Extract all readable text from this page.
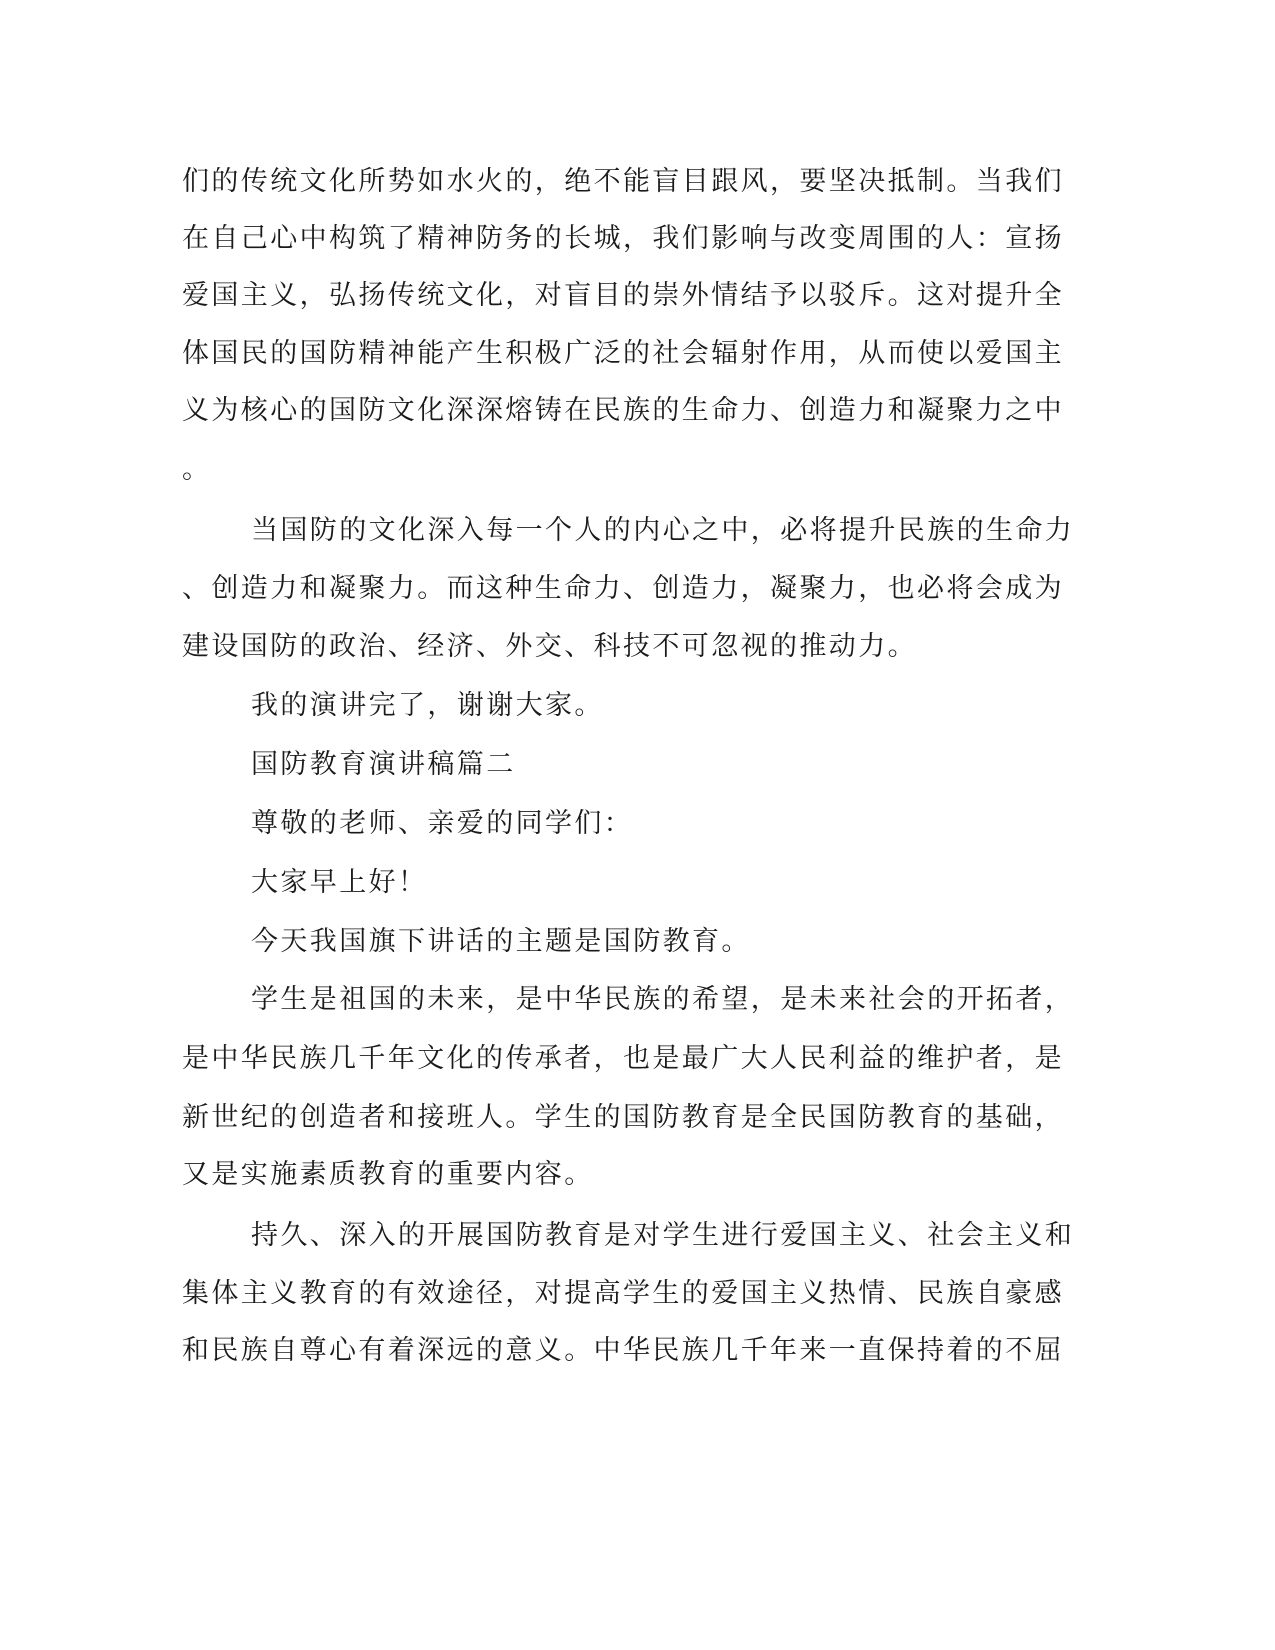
们的传统文化所势如水火的，绝不能盲目跟风，要坚决抵制。当我们
在自己心中构筑了精神防务的长城，我们影响与改变周围的人：宣扬
爱国主义，弘扬传统文化，对盲目的崇外情结予以驳斥。这对提升全
体国民的国防精神能产生积极广泛的社会辐射作用，从而使以爱国主
义为核心的国防文化深深熔铸在民族的生命力、创造力和凝聚力之中
。
当国防的文化深入每一个人的内心之中，必将提升民族的生命力
、创造力和凝聚力。而这种生命力、创造力，凝聚力，也必将会成为
建设国防的政治、经济、外交、科技不可忽视的推动力。
我的演讲完了，谢谢大家。
国防教育演讲稿篇二
尊敬的老师、亲爱的同学们：
大家早上好！
今天我国旗下讲话的主题是国防教育。
学生是祖国的未来，是中华民族的希望，是未来社会的开拓者，
是中华民族几千年文化的传承者，也是最广大人民利益的维护者，是
新世纪的创造者和接班人。学生的国防教育是全民国防教育的基础，
又是实施素质教育的重要内容。
持久、深入的开展国防教育是对学生进行爱国主义、社会主义和
集体主义教育的有效途径，对提高学生的爱国主义热情、民族自豪感
和民族自尊心有着深远的意义。中华民族几千年来一直保持着的不屈
